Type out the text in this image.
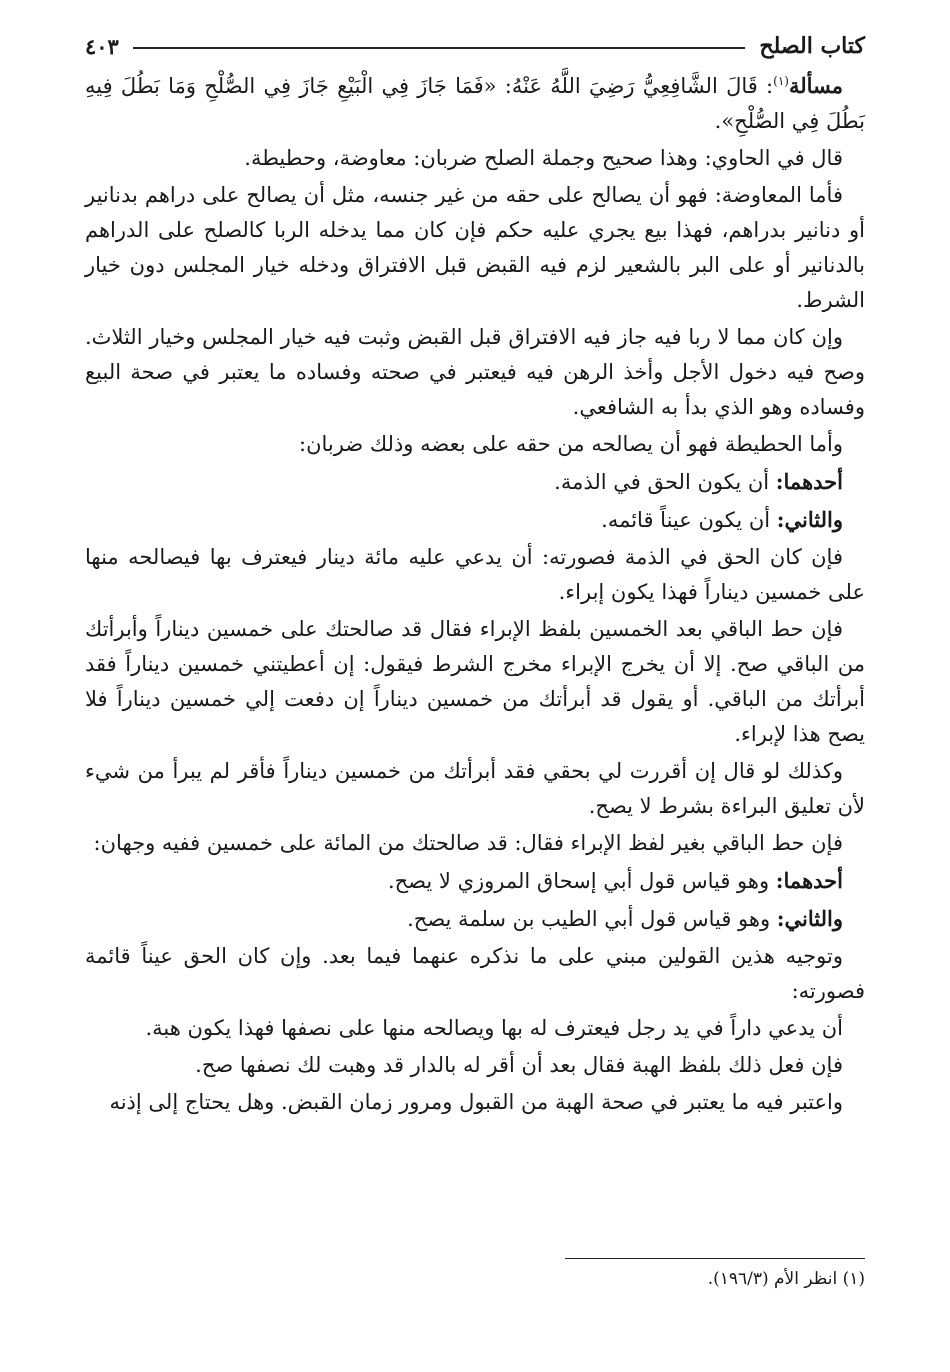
كتاب الصلح
٤٠٣

مسألة$^{(١)}$: قَالَ الشَّافِعِيُّ رَضِيَ اللَّهُ عَنْهُ: «فَمَا جَازَ فِي الْبَيْعِ جَازَ فِي الصُّلْحِ وَمَا بَطُلَ فِيهِ بَطُلَ فِي الصُّلْحِ».

قال في الحاوي: وهذا صحيح وجملة الصلح ضربان: معاوضة، وحطيطة.

فأما المعاوضة: فهو أن يصالح على حقه من غير جنسه، مثل أن يصالح على دراهم بدنانير أو دنانير بدراهم، فهذا بيع يجري عليه حكم فإن كان مما يدخله الربا كالصلح على الدراهم بالدنانير أو على البر بالشعير لزم فيه القبض قبل الافتراق ودخله خيار المجلس دون خيار الشرط.

وإن كان مما لا ربا فيه جاز فيه الافتراق قبل القبض وثبت فيه خيار المجلس وخيار الثلاث. وصح فيه دخول الأجل وأخذ الرهن فيه فيعتبر في صحته وفساده ما يعتبر في صحة البيع وفساده وهو الذي بدأ به الشافعي.

وأما الحطيطة فهو أن يصالحه من حقه على بعضه وذلك ضربان:

أحدهما: أن يكون الحق في الذمة.

والثاني: أن يكون عيناً قائمه.

فإن كان الحق في الذمة فصورته: أن يدعي عليه مائة دينار فيعترف بها فيصالحه منها على خمسين ديناراً فهذا يكون إبراء.

فإن حط الباقي بعد الخمسين بلفظ الإبراء فقال قد صالحتك على خمسين ديناراً وأبرأتك من الباقي صح. إلا أن يخرج الإبراء مخرج الشرط فيقول: إن أعطيتني خمسين ديناراً فقد أبرأتك من الباقي. أو يقول قد أبرأتك من خمسين ديناراً إن دفعت إلي خمسين ديناراً فلا يصح هذا لإبراء.

وكذلك لو قال إن أقررت لي بحقي فقد أبرأتك من خمسين ديناراً فأقر لم يبرأ من شيء لأن تعليق البراءة بشرط لا يصح.

فإن حط الباقي بغير لفظ الإبراء فقال: قد صالحتك من المائة على خمسين ففيه وجهان:

أحدهما: وهو قياس قول أبي إسحاق المروزي لا يصح.

والثاني: وهو قياس قول أبي الطيب بن سلمة يصح.

وتوجيه هذين القولين مبني على ما نذكره عنهما فيما بعد. وإن كان الحق عيناً قائمة فصورته:

أن يدعي داراً في يد رجل فيعترف له بها ويصالحه منها على نصفها فهذا يكون هبة.

فإن فعل ذلك بلفظ الهبة فقال بعد أن أقر له بالدار قد وهبت لك نصفها صح.

واعتبر فيه ما يعتبر في صحة الهبة من القبول ومرور زمان القبض. وهل يحتاج إلى إذنه

(١) انظر الأم (١٩٦/٣).
